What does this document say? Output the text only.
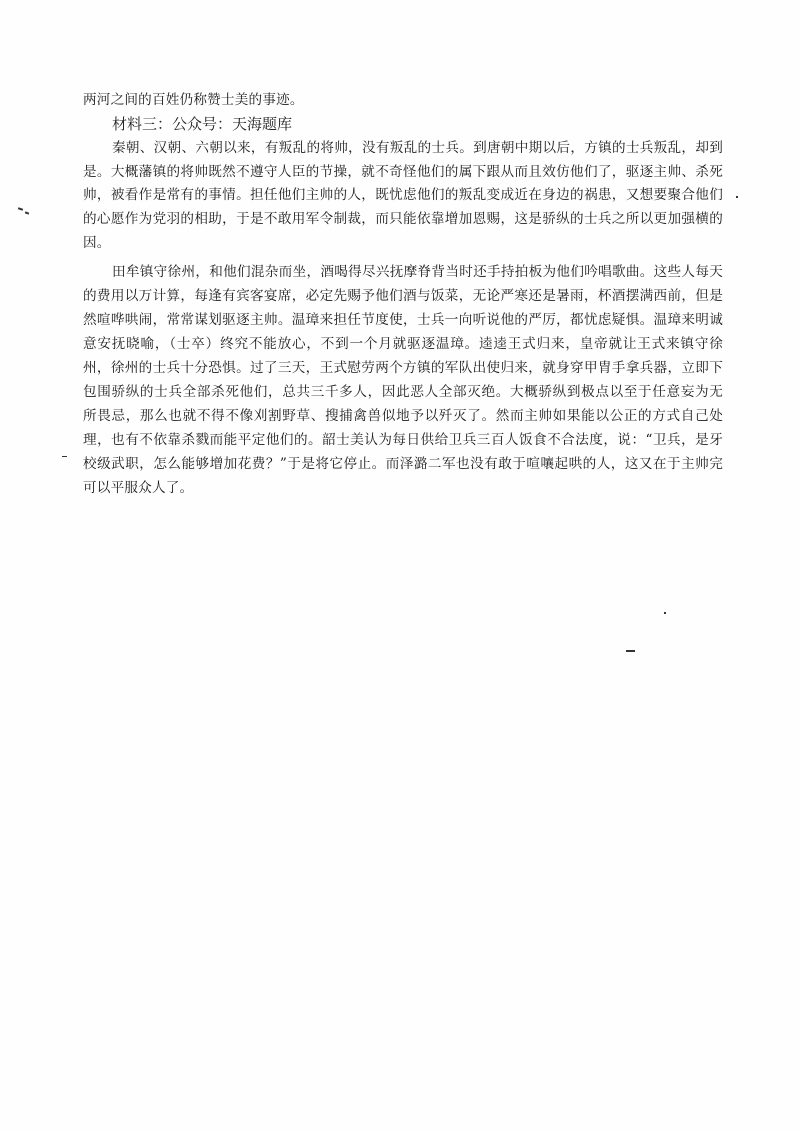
两河之间的百姓仍称赞士美的事迹。
材料三：公众号：天海题库
秦朝、汉朝、六朝以来，有叛乱的将帅，没有叛乱的士兵。到唐朝中期以后，方镇的士兵叛乱，却到
是。大概藩镇的将帅既然不遵守人臣的节操，就不奇怪他们的属下跟从而且效仿他们了，驱逐主帅、杀死
帅，被看作是常有的事情。担任他们主帅的人，既忧虑他们的叛乱变成近在身边的祸患，又想要聚合他们
的心愿作为党羽的相助，于是不敢用军令制裁，而只能依靠增加恩赐，这是骄纵的士兵之所以更加强横的
因。
田牟镇守徐州，和他们混杂而坐，酒喝得尽兴抚摩脊背当时还手持拍板为他们吟唱歌曲。这些人每天
的费用以万计算，每逢有宾客宴席，必定先赐予他们酒与饭菜，无论严寒还是暑雨，杯酒摆满西前，但是
然喧哗哄闹，常常谋划驱逐主帅。温璋来担任节度使，士兵一向听说他的严厉，都忧虑疑惧。温璋来明诚
意安抚晓喻，（士卒）终究不能放心，不到一个月就驱逐温璋。逵逵王式归来，皇帝就让王式来镇守徐
州，徐州的士兵十分恐惧。过了三天，王式慰劳两个方镇的军队出使归来，就身穿甲胄手拿兵器，立即下
包围骄纵的士兵全部杀死他们，总共三千多人，因此恶人全部灭绝。大概骄纵到极点以至于任意妄为无
所畏忌，那么也就不得不像刈割野草、搜捕禽兽似地予以歼灭了。然而主帅如果能以公正的方式自己处
理，也有不依靠杀戮而能平定他们的。韶士美认为每日供给卫兵三百人饭食不合法度，说：“卫兵，是牙
校级武职，怎么能够增加花费？”于是将它停止。而泽潞二军也没有敢于喧嚷起哄的人，这又在于主帅完
可以平服众人了。
